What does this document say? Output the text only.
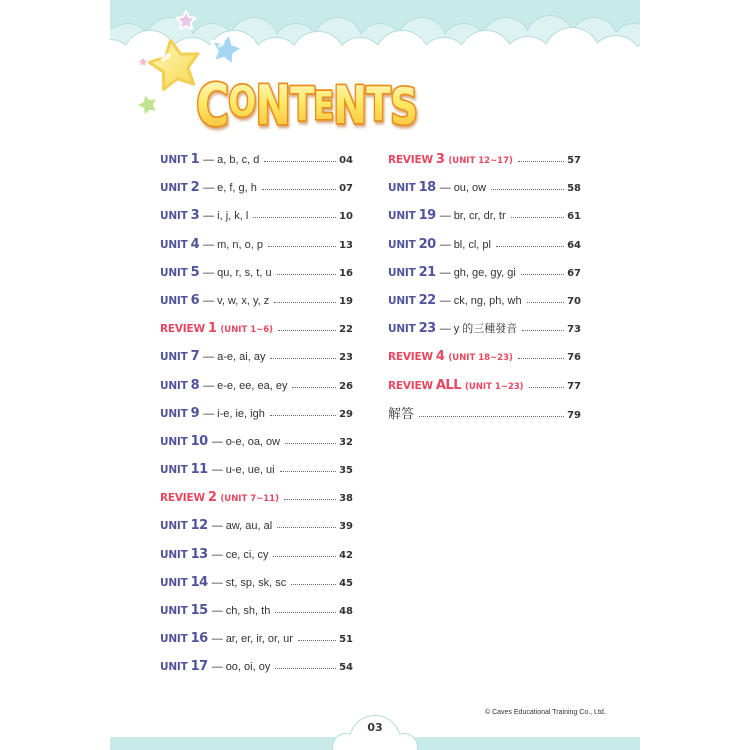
CONTENTS
UNIT 1 — a, b, c, d	04
UNIT 2 — e, f, g, h	07
UNIT 3 — i, j, k, l	10
UNIT 4 — m, n, o, p	13
UNIT 5 — qu, r, s, t, u	16
UNIT 6 — v, w, x, y, z	19
REVIEW 1 (UNIT 1~6)	22
UNIT 7 — a-e, ai, ay	23
UNIT 8 — e-e, ee, ea, ey	26
UNIT 9 — i-e, ie, igh	29
UNIT 10 — o-e, oa, ow	32
UNIT 11 — u-e, ue, ui	35
REVIEW 2 (UNIT 7~11)	38
UNIT 12 — aw, au, al	39
UNIT 13 — ce, ci, cy	42
UNIT 14 — st, sp, sk, sc	45
UNIT 15 — ch, sh, th	48
UNIT 16 — ar, er, ir, or, ur	51
UNIT 17 — oo, oi, oy	54
REVIEW 3 (UNIT 12~17)	57
UNIT 18 — ou, ow	58
UNIT 19 — br, cr, dr, tr	61
UNIT 20 — bl, cl, pl	64
UNIT 21 — gh, ge, gy, gi	67
UNIT 22 — ck, ng, ph, wh	70
UNIT 23 — y 的三種發音	73
REVIEW 4 (UNIT 18~23)	76
REVIEW ALL (UNIT 1~23)	77
解答	79
© Caves Educational Training Co., Ltd.
03
